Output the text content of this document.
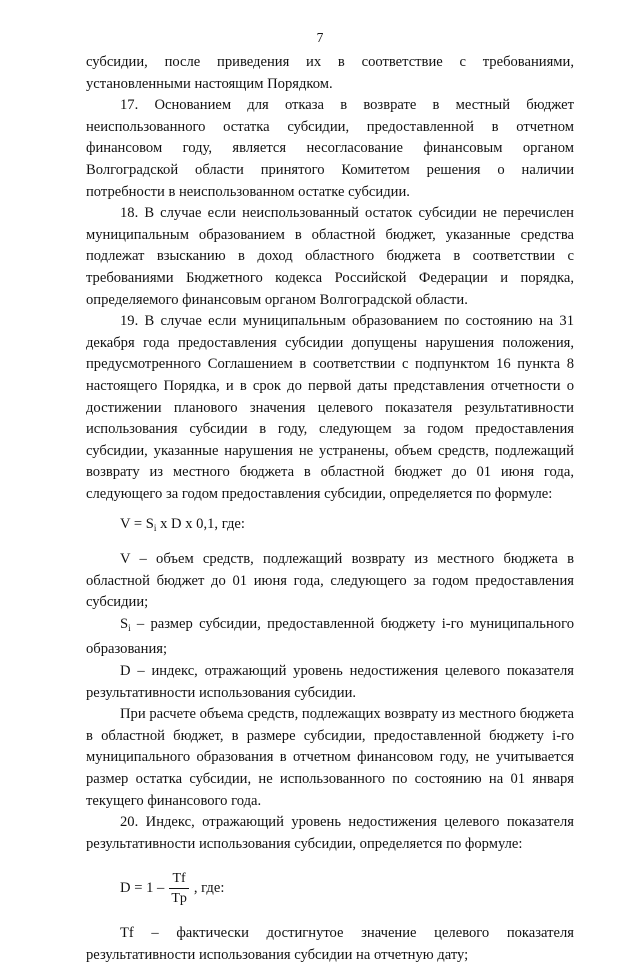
7

субсидии, после приведения их в соответствие с требованиями, установленными настоящим Порядком.

17. Основанием для отказа в возврате в местный бюджет неиспользованного остатка субсидии, предоставленной в отчетном финансовом году, является несогласование финансовым органом Волгоградской области принятого Комитетом решения о наличии потребности в неиспользованном остатке субсидии.

18. В случае если неиспользованный остаток субсидии не перечислен муниципальным образованием в областной бюджет, указанные средства подлежат взысканию в доход областного бюджета в соответствии с требованиями Бюджетного кодекса Российской Федерации и порядка, определяемого финансовым органом Волгоградской области.

19. В случае если муниципальным образованием по состоянию на 31 декабря года предоставления субсидии допущены нарушения положения, предусмотренного Соглашением в соответствии с подпунктом 16 пункта 8 настоящего Порядка, и в срок до первой даты представления отчетности о достижении планового значения целевого показателя результативности использования субсидии в году, следующем за годом предоставления субсидии, указанные нарушения не устранены, объем средств, подлежащий возврату из местного бюджета в областной бюджет до 01 июня года, следующего за годом предоставления субсидии, определяется по формуле:

$V = S_i$ x D x 0,1, где:

V – объем средств, подлежащий возврату из местного бюджета в областной бюджет до 01 июня года, следующего за годом предоставления субсидии;

$S_i$ – размер субсидии, предоставленной бюджету i-го муниципального образования;

D – индекс, отражающий уровень недостижения целевого показателя результативности использования субсидии.

При расчете объема средств, подлежащих возврату из местного бюджета в областной бюджет, в размере субсидии, предоставленной бюджету i-го муниципального образования в отчетном финансовом году, не учитывается размер остатка субсидии, не использованного по состоянию на 01 января текущего финансового года.

20. Индекс, отражающий уровень недостижения целевого показателя результативности использования субсидии, определяется по формуле:

$D = 1 - \frac{Tf}{Tp}$ , где:

Tf – фактически достигнутое значение целевого показателя результативности использования субсидии на отчетную дату;
